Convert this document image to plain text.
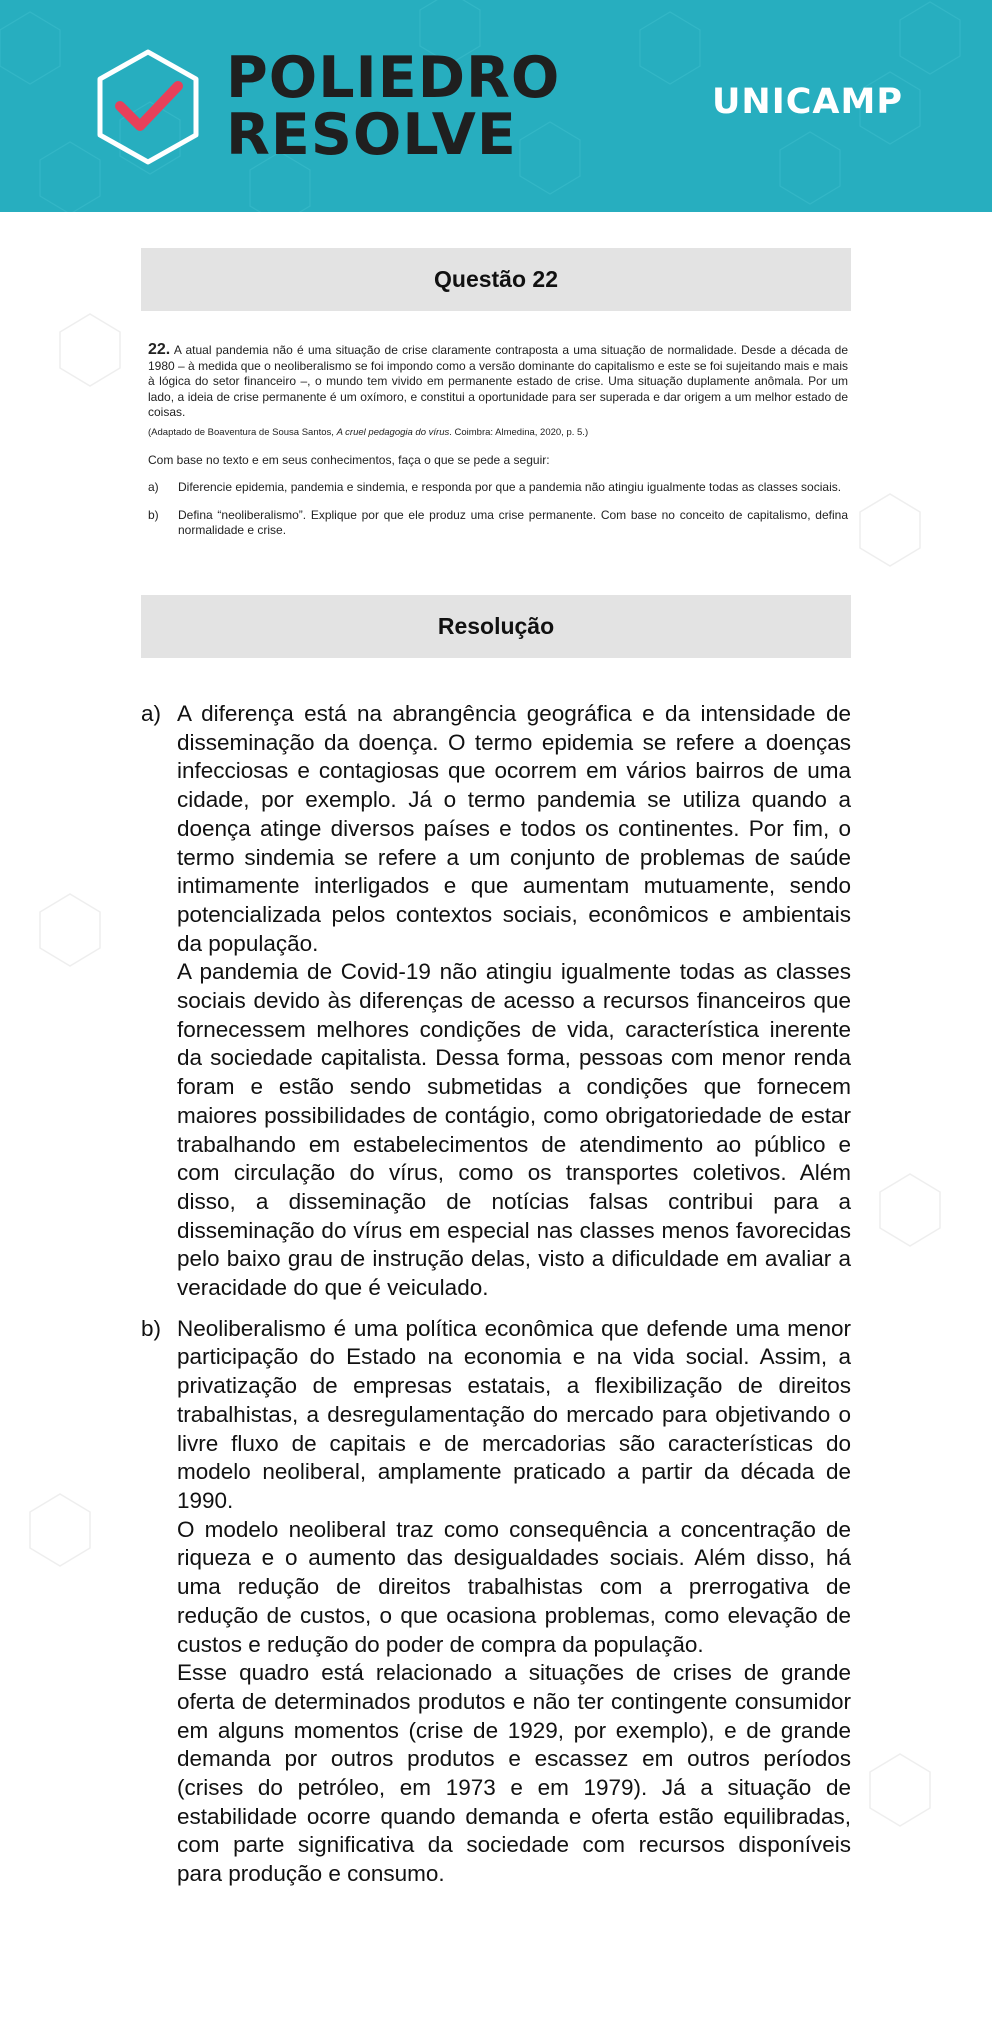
POLIEDRO
RESOLVE	UNICAMP
Questão 22

22. A atual pandemia não é uma situação de crise claramente contraposta a uma situação de normalidade. Desde a década de 1980 – à medida que o neoliberalismo se foi impondo como a versão dominante do capitalismo e este se foi sujeitando mais e mais à lógica do setor financeiro –, o mundo tem vivido em permanente estado de crise. Uma situação duplamente anômala. Por um lado, a ideia de crise permanente é um oxímoro, e constitui a oportunidade para ser superada e dar origem a um melhor estado de coisas.

(Adaptado de Boaventura de Sousa Santos, A cruel pedagogia do vírus. Coimbra: Almedina, 2020, p. 5.)

Com base no texto e em seus conhecimentos, faça o que se pede a seguir:

a)	Diferencie epidemia, pandemia e sindemia, e responda por que a pandemia não atingiu igualmente todas as classes sociais.
b)	Defina “neoliberalismo”. Explique por que ele produz uma crise permanente. Com base no conceito de capitalismo, defina normalidade e crise.
Resolução
a) A diferença está na abrangência geográfica e da intensidade de disseminação da doença. O termo epidemia se refere a doenças infecciosas e contagiosas que ocorrem em vários bairros de uma cidade, por exemplo. Já o termo pandemia se utiliza quando a doença atinge diversos países e todos os continentes. Por fim, o termo sindemia se refere a um conjunto de problemas de saúde intimamente interligados e que aumentam mutuamente, sendo potencializada pelos contextos sociais, econômicos e ambientais da população.

A pandemia de Covid-19 não atingiu igualmente todas as classes sociais devido às diferenças de acesso a recursos financeiros que fornecessem melhores condições de vida, característica inerente da sociedade capitalista. Dessa forma, pessoas com menor renda foram e estão sendo submetidas a condições que fornecem maiores possibilidades de contágio, como obrigatoriedade de estar trabalhando em estabelecimentos de atendimento ao público e com circulação do vírus, como os transportes coletivos. Além disso, a disseminação de notícias falsas contribui para a disseminação do vírus em especial nas classes menos favorecidas pelo baixo grau de instrução delas, visto a dificuldade em avaliar a veracidade do que é veiculado.

b) Neoliberalismo é uma política econômica que defende uma menor participação do Estado na economia e na vida social. Assim, a privatização de empresas estatais, a flexibilização de direitos trabalhistas, a desregulamentação do mercado para objetivando o livre fluxo de capitais e de mercadorias são características do modelo neoliberal, amplamente praticado a partir da década de 1990.

O modelo neoliberal traz como consequência a concentração de riqueza e o aumento das desigualdades sociais. Além disso, há uma redução de direitos trabalhistas com a prerrogativa de redução de custos, o que ocasiona problemas, como elevação de custos e redução do poder de compra da população.

Esse quadro está relacionado a situações de crises de grande oferta de determinados produtos e não ter contingente consumidor em alguns momentos (crise de 1929, por exemplo), e de grande demanda por outros produtos e escassez em outros períodos (crises do petróleo, em 1973 e em 1979). Já a situação de estabilidade ocorre quando demanda e oferta estão equilibradas, com parte significativa da sociedade com recursos disponíveis para produção e consumo.
